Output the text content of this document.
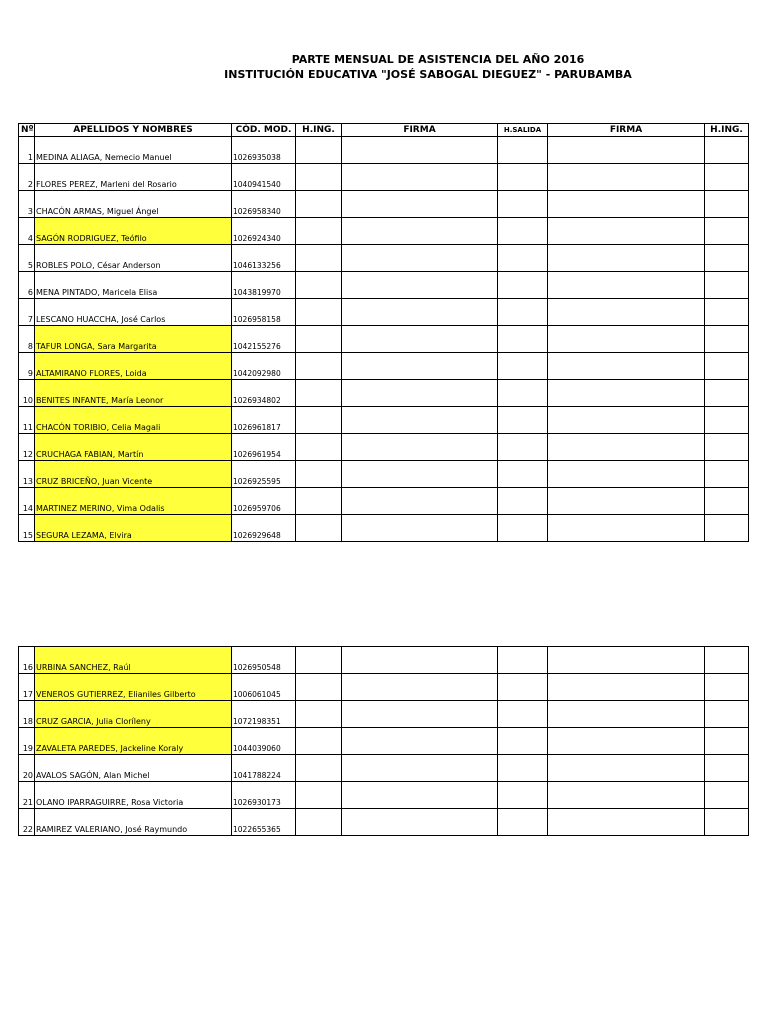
PARTE MENSUAL DE ASISTENCIA DEL AÑO 2016
INSTITUCIÓN EDUCATIVA "JOSÉ SABOGAL DIEGUEZ" - PARUBAMBA
Nº	APELLIDOS Y NOMBRES	CÓD. MOD.	H.ING.	FIRMA	H.SALIDA	FIRMA	H.ING.
1	MEDINA ALIAGA, Nemecio Manuel	1026935038					
2	FLORES PEREZ, Marleni del Rosario	1040941540					
3	CHACÓN ARMAS, Miguel Ángel	1026958340					
4	SAGÓN RODRIGUEZ, Teófilo	1026924340					
5	ROBLES POLO, César Anderson	1046133256					
6	MENA PINTADO, Maricela Elisa	1043819970					
7	LESCANO HUACCHA, José Carlos	1026958158					
8	TAFUR LONGA, Sara Margarita	1042155276					
9	ALTAMIRANO FLORES, Loida	1042092980					
10	BENITES INFANTE, María Leonor	1026934802					
11	CHACÓN TORIBIO, Celia Magali	1026961817					
12	CRUCHAGA FABIAN, Martín	1026961954					
13	CRUZ BRICEÑO, Juan Vicente	1026925595					
14	MARTINEZ MERINO, Vima Odalis	1026959706					
15	SEGURA LEZAMA, Elvira	1026929648					
16	URBINA SANCHEZ, Raúl	1026950548					
17	VENEROS GUTIERREZ, Elianiles Gilberto	1006061045					
18	CRUZ GARCIA, Julia Cloríleny	1072198351					
19	ZAVALETA PAREDES, Jackeline Koraly	1044039060					
20	AVALOS SAGÓN, Alan Michel	1041788224					
21	OLANO IPARRAGUIRRE, Rosa Victoria	1026930173					
22	RAMIREZ VALERIANO, José Raymundo	1022655365					
